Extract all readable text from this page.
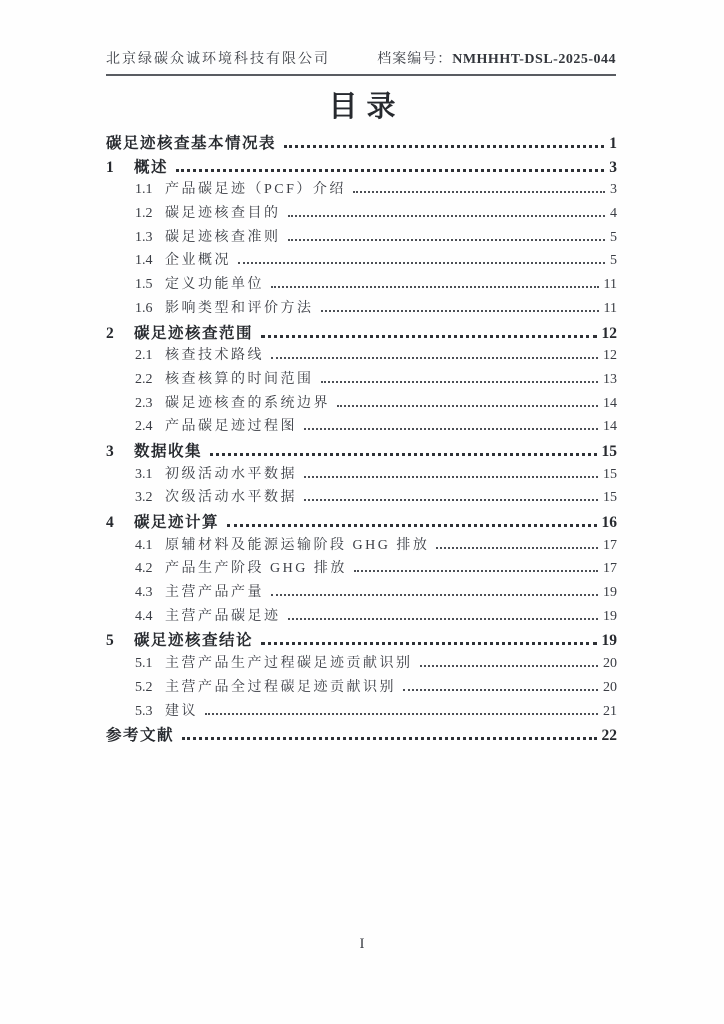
北京绿碳众诚环境科技有限公司	档案编号：NMHHHT-DSL-2025-044
目录
碳足迹核查基本情况表	1
1	概述	3
1.1 产品碳足迹（PCF）介绍	3
1.2 碳足迹核查目的	4
1.3 碳足迹核查准则	5
1.4 企业概况	5
1.5 定义功能单位	11
1.6 影响类型和评价方法	11
2	碳足迹核查范围	12
2.1 核查技术路线	12
2.2 核查核算的时间范围	13
2.3 碳足迹核查的系统边界	14
2.4 产品碳足迹过程图	14
3	数据收集	15
3.1 初级活动水平数据	15
3.2 次级活动水平数据	15
4	碳足迹计算	16
4.1 原辅材料及能源运输阶段 GHG 排放	17
4.2 产品生产阶段 GHG 排放	17
4.3 主营产品产量	19
4.4 主营产品碳足迹	19
5	碳足迹核查结论	19
5.1 主营产品生产过程碳足迹贡献识别	20
5.2 主营产品全过程碳足迹贡献识别	20
5.3 建议	21
参考文献	22
I
